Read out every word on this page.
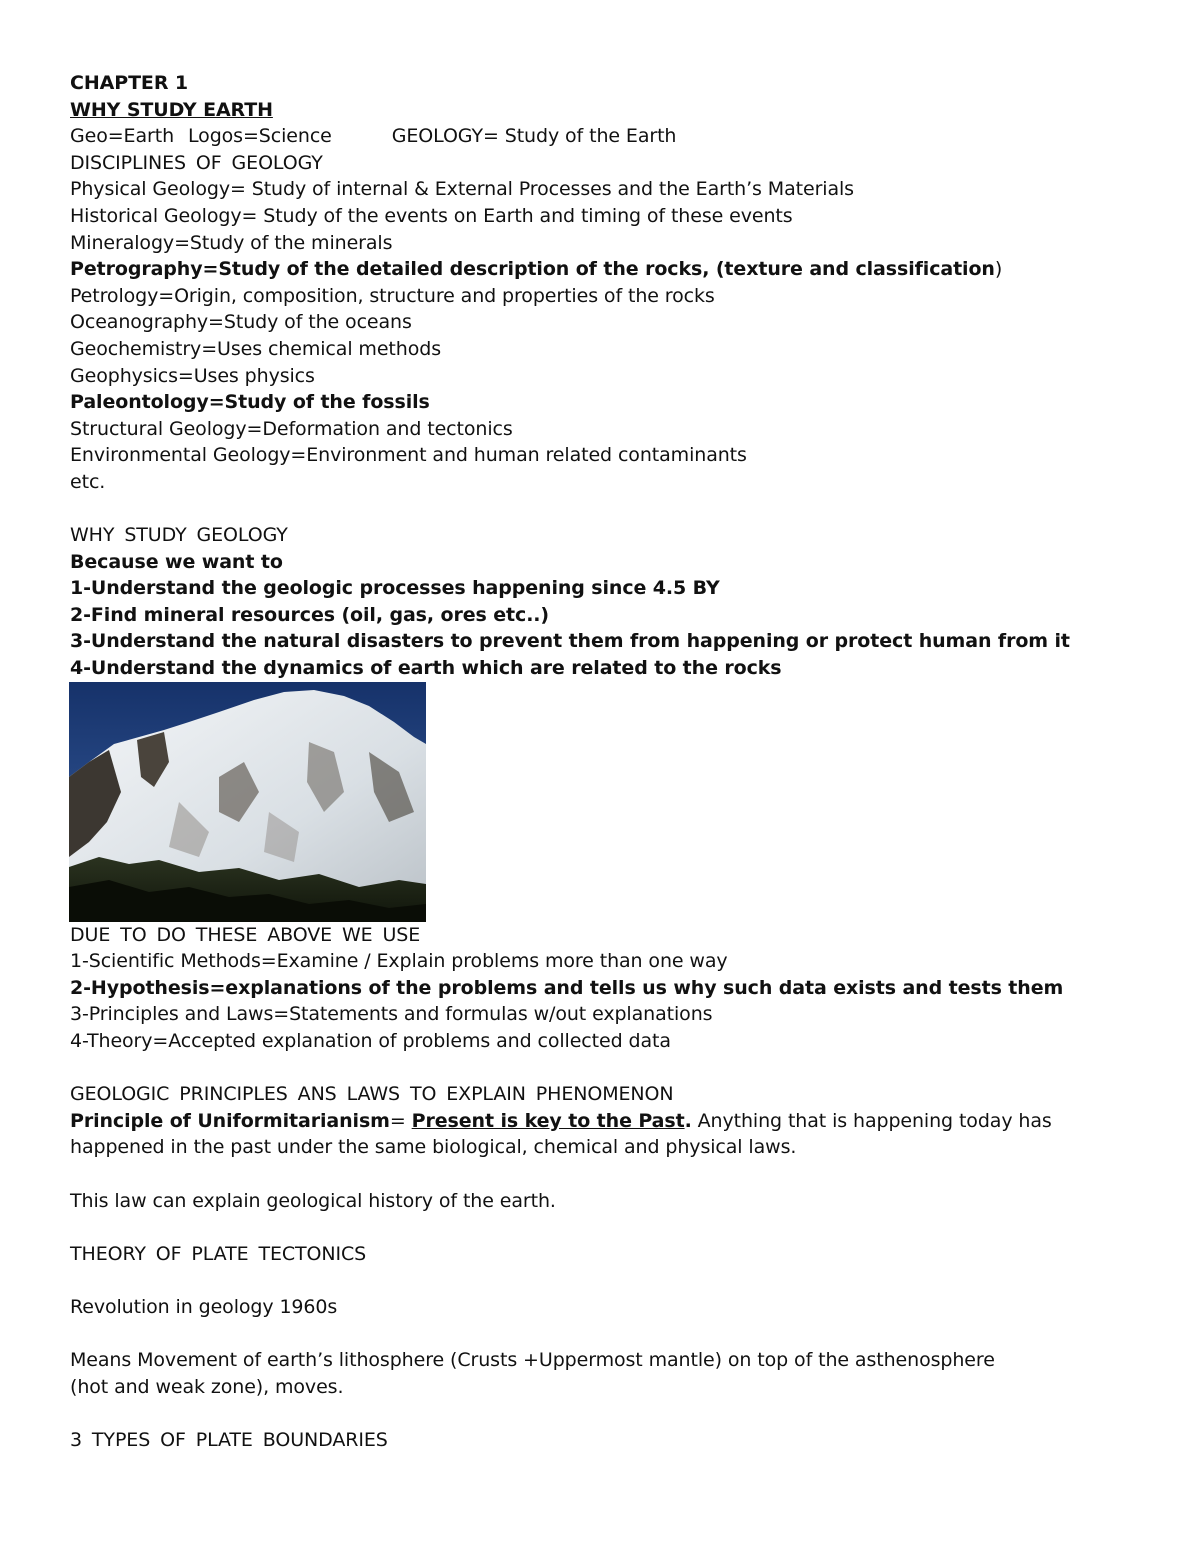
CHAPTER 1
WHY STUDY EARTH
Geo=Earth Logos=Science	GEOLOGY= Study of the Earth
DISCIPLINES OF GEOLOGY
Physical Geology= Study of internal & External Processes and the Earth’s Materials
Historical Geology= Study of the events on Earth and timing of these events
Mineralogy=Study of the minerals
Petrography=Study of the detailed description of the rocks, (texture and classification)
Petrology=Origin, composition, structure and properties of the rocks
Oceanography=Study of the oceans
Geochemistry=Uses chemical methods
Geophysics=Uses physics
Paleontology=Study of the fossils
Structural Geology=Deformation and tectonics
Environmental Geology=Environment and human related contaminants
etc.
WHY STUDY GEOLOGY
Because we want to
1-Understand the geologic processes happening since 4.5 BY
2-Find mineral resources (oil, gas, ores etc..)
3-Understand the natural disasters to prevent them from happening or protect human from it
4-Understand the dynamics of earth which are related to the rocks
DUE TO DO THESE ABOVE WE USE
1-Scientific Methods=Examine / Explain problems more than one way
2-Hypothesis=explanations of the problems and tells us why such data exists and tests them
3-Principles and Laws=Statements and formulas w/out explanations
4-Theory=Accepted explanation of problems and collected data
GEOLOGIC PRINCIPLES ANS LAWS TO EXPLAIN PHENOMENON
Principle of Uniformitarianism= Present is key to the Past. Anything that is happening today has
happened in the past under the same biological, chemical and physical laws.
This law can explain geological history of the earth.
THEORY OF PLATE TECTONICS
Revolution in geology 1960s
Means Movement of earth’s lithosphere (Crusts +Uppermost mantle) on top of the asthenosphere
(hot and weak zone), moves.
3 TYPES OF PLATE BOUNDARIES
